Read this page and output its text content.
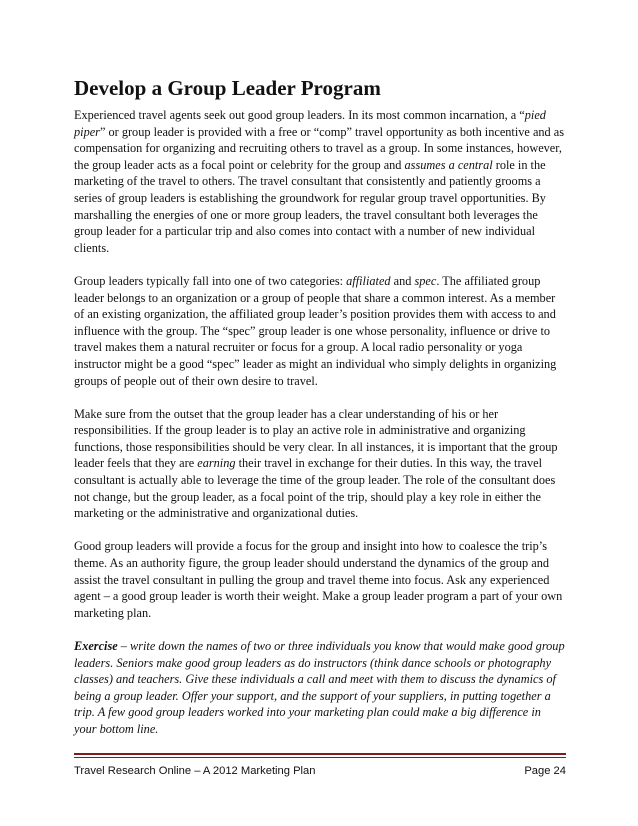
Develop a Group Leader Program

Experienced travel agents seek out good group leaders. In its most common incarnation, a “pied piper” or group leader is provided with a free or “comp” travel opportunity as both incentive and as compensation for organizing and recruiting others to travel as a group. In some instances, however, the group leader acts as a focal point or celebrity for the group and assumes a central role in the marketing of the travel to others. The travel consultant that consistently and patiently grooms a series of group leaders is establishing the groundwork for regular group travel opportunities. By marshalling the energies of one or more group leaders, the travel consultant both leverages the group leader for a particular trip and also comes into contact with a number of new individual clients.

Group leaders typically fall into one of two categories: affiliated and spec. The affiliated group leader belongs to an organization or a group of people that share a common interest. As a member of an existing organization, the affiliated group leader’s position provides them with access to and influence with the group. The “spec” group leader is one whose personality, influence or drive to travel makes them a natural recruiter or focus for a group. A local radio personality or yoga instructor might be a good “spec” leader as might an individual who simply delights in organizing groups of people out of their own desire to travel.

Make sure from the outset that the group leader has a clear understanding of his or her responsibilities. If the group leader is to play an active role in administrative and organizing functions, those responsibilities should be very clear. In all instances, it is important that the group leader feels that they are earning their travel in exchange for their duties. In this way, the travel consultant is actually able to leverage the time of the group leader. The role of the consultant does not change, but the group leader, as a focal point of the trip, should play a key role in either the marketing or the administrative and organizational duties.

Good group leaders will provide a focus for the group and insight into how to coalesce the trip’s theme. As an authority figure, the group leader should understand the dynamics of the group and assist the travel consultant in pulling the group and travel theme into focus. Ask any experienced agent – a good group leader is worth their weight. Make a group leader program a part of your own marketing plan.

Exercise – write down the names of two or three individuals you know that would make good group leaders. Seniors make good group leaders as do instructors (think dance schools or photography classes) and teachers. Give these individuals a call and meet with them to discuss the dynamics of being a group leader. Offer your support, and the support of your suppliers, in putting together a trip. A few good group leaders worked into your marketing plan could make a big difference in your bottom line.

Travel Research Online – A 2012 Marketing Plan	Page 24
